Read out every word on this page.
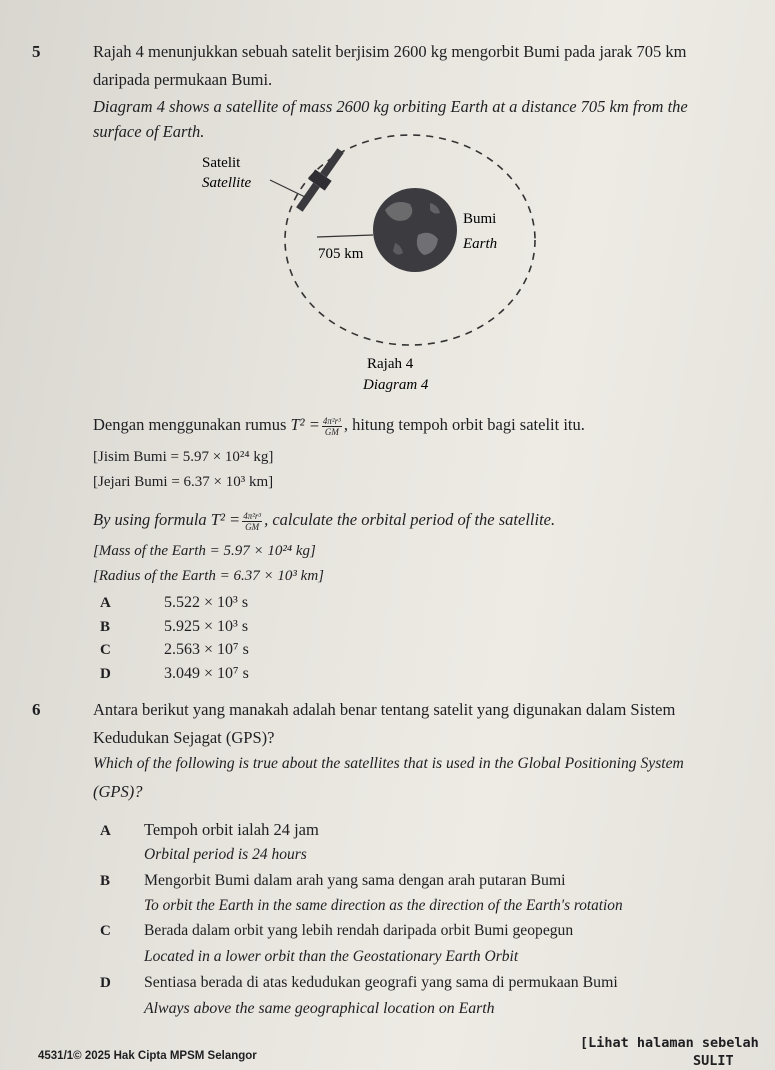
5	Rajah 4 menunjukkan sebuah satelit berjisim 2600 kg mengorbit Bumi pada jarak 705 km
daripada permukaan Bumi.
Diagram 4 shows a satellite of mass 2600 kg orbiting Earth at a distance 705 km from the
surface of Earth.
Satelit
Satellite
Bumi
Earth
705 km
Rajah 4
Diagram 4
Dengan menggunakan rumus $T^2 = \frac{\text{4π²r³}}{GM}$ , hitung tempoh orbit bagi satelit itu.
[Jisim Bumi = 5.97 × 10²⁴ kg]
[Jejari Bumi = 6.37 × 10³ km]
By using formula $T^2 = \frac{\text{4π²r³}}{GM}$ , calculate the orbital period of the satellite.
[Mass of the Earth = 5.97 × 10²⁴ kg]
[Radius of the Earth = 6.37 × 10³ km]
A	5.522 × 10³ s
B	5.925 × 10³ s
C	2.563 × 10⁷ s
D	3.049 × 10⁷ s
6	Antara berikut yang manakah adalah benar tentang satelit yang digunakan dalam Sistem
Kedudukan Sejagat (GPS)?
Which of the following is true about the satellites that is used in the Global Positioning System
(GPS)?
A Tempoh orbit ialah 24 jam
Orbital period is 24 hours
B Mengorbit Bumi dalam arah yang sama dengan arah putaran Bumi
To orbit the Earth in the same direction as the direction of the Earth's rotation
C Berada dalam orbit yang lebih rendah daripada orbit Bumi geopegun
Located in a lower orbit than the Geostationary Earth Orbit
D Sentiasa berada di atas kedudukan geografi yang sama di permukaan Bumi
Always above the same geographical location on Earth
4531/1© 2025 Hak Cipta MPSM Selangor
[Lihat halaman sebelah
SULIT
